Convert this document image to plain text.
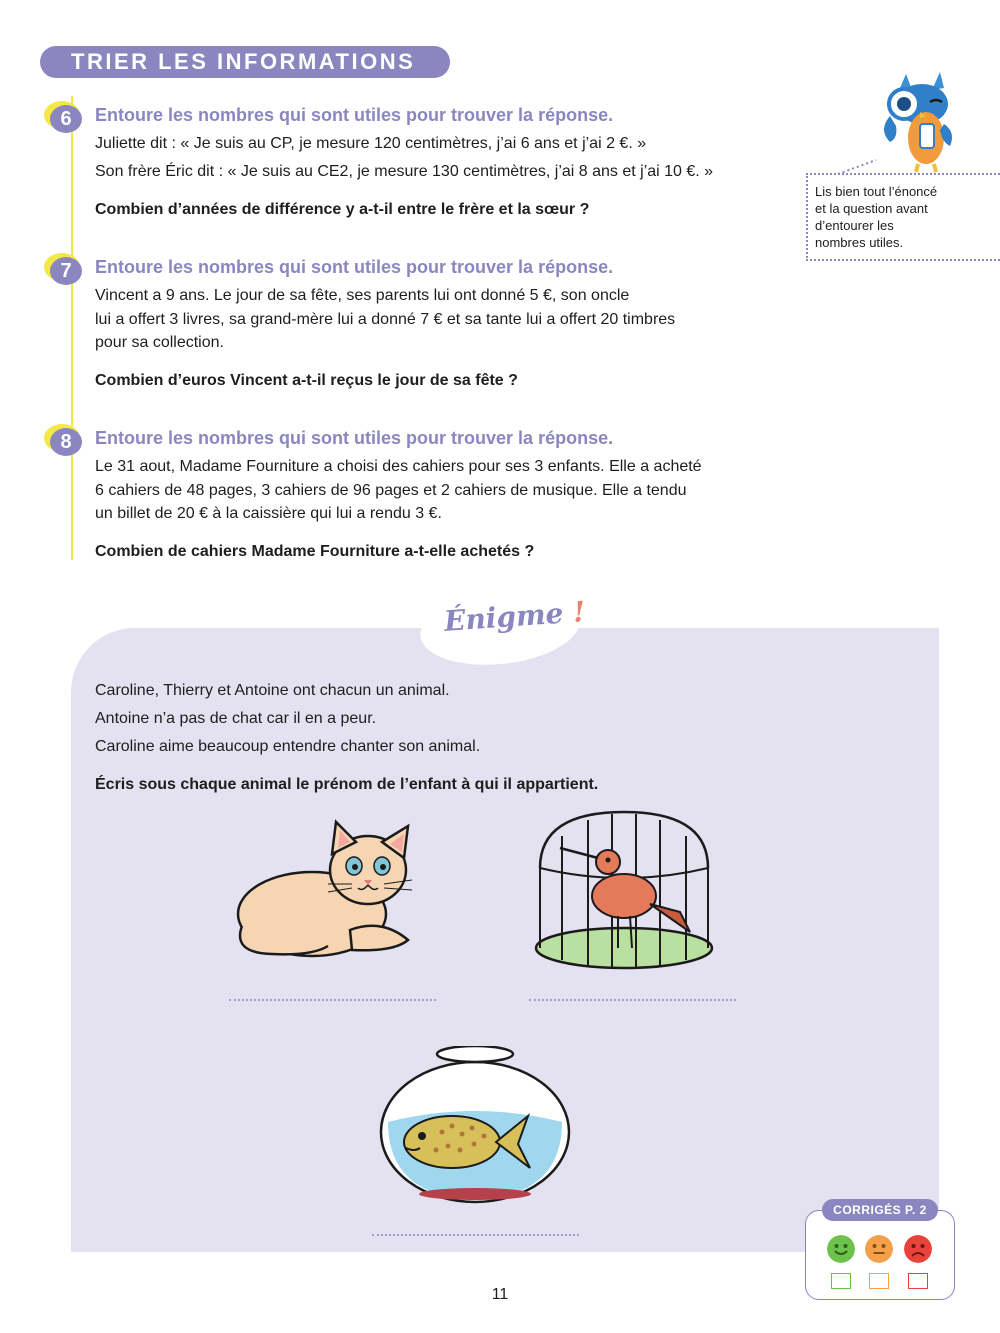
TRIER LES INFORMATIONS
6	Entoure les nombres qui sont utiles pour trouver la réponse.
Juliette dit : « Je suis au CP, je mesure 120 centimètres, j’ai 6 ans et j’ai 2 €. »
Son frère Éric dit : « Je suis au CE2, je mesure 130 centimètres, j’ai 8 ans et j’ai 10 €. »
Combien d’années de différence y a-t-il entre le frère et la sœur ?
7	Entoure les nombres qui sont utiles pour trouver la réponse.
Vincent a 9 ans. Le jour de sa fête, ses parents lui ont donné 5 €, son oncle
lui a offert 3 livres, sa grand-mère lui a donné 7 € et sa tante lui a offert 20 timbres
pour sa collection.
Combien d’euros Vincent a-t-il reçus le jour de sa fête ?
8	Entoure les nombres qui sont utiles pour trouver la réponse.
Le 31 aout, Madame Fourniture a choisi des cahiers pour ses 3 enfants. Elle a acheté
6 cahiers de 48 pages, 3 cahiers de 96 pages et 2 cahiers de musique. Elle a tendu
un billet de 20 € à la caissière qui lui a rendu 3 €.
Combien de cahiers Madame Fourniture a-t-elle achetés ?
Lis bien tout l’énoncé
et la question avant
d’entourer les
nombres utiles.
Énigme !
Caroline, Thierry et Antoine ont chacun un animal.
Antoine n’a pas de chat car il en a peur.
Caroline aime beaucoup entendre chanter son animal.
Écris sous chaque animal le prénom de l’enfant à qui il appartient.
CORRIGÉS P. 2
11
